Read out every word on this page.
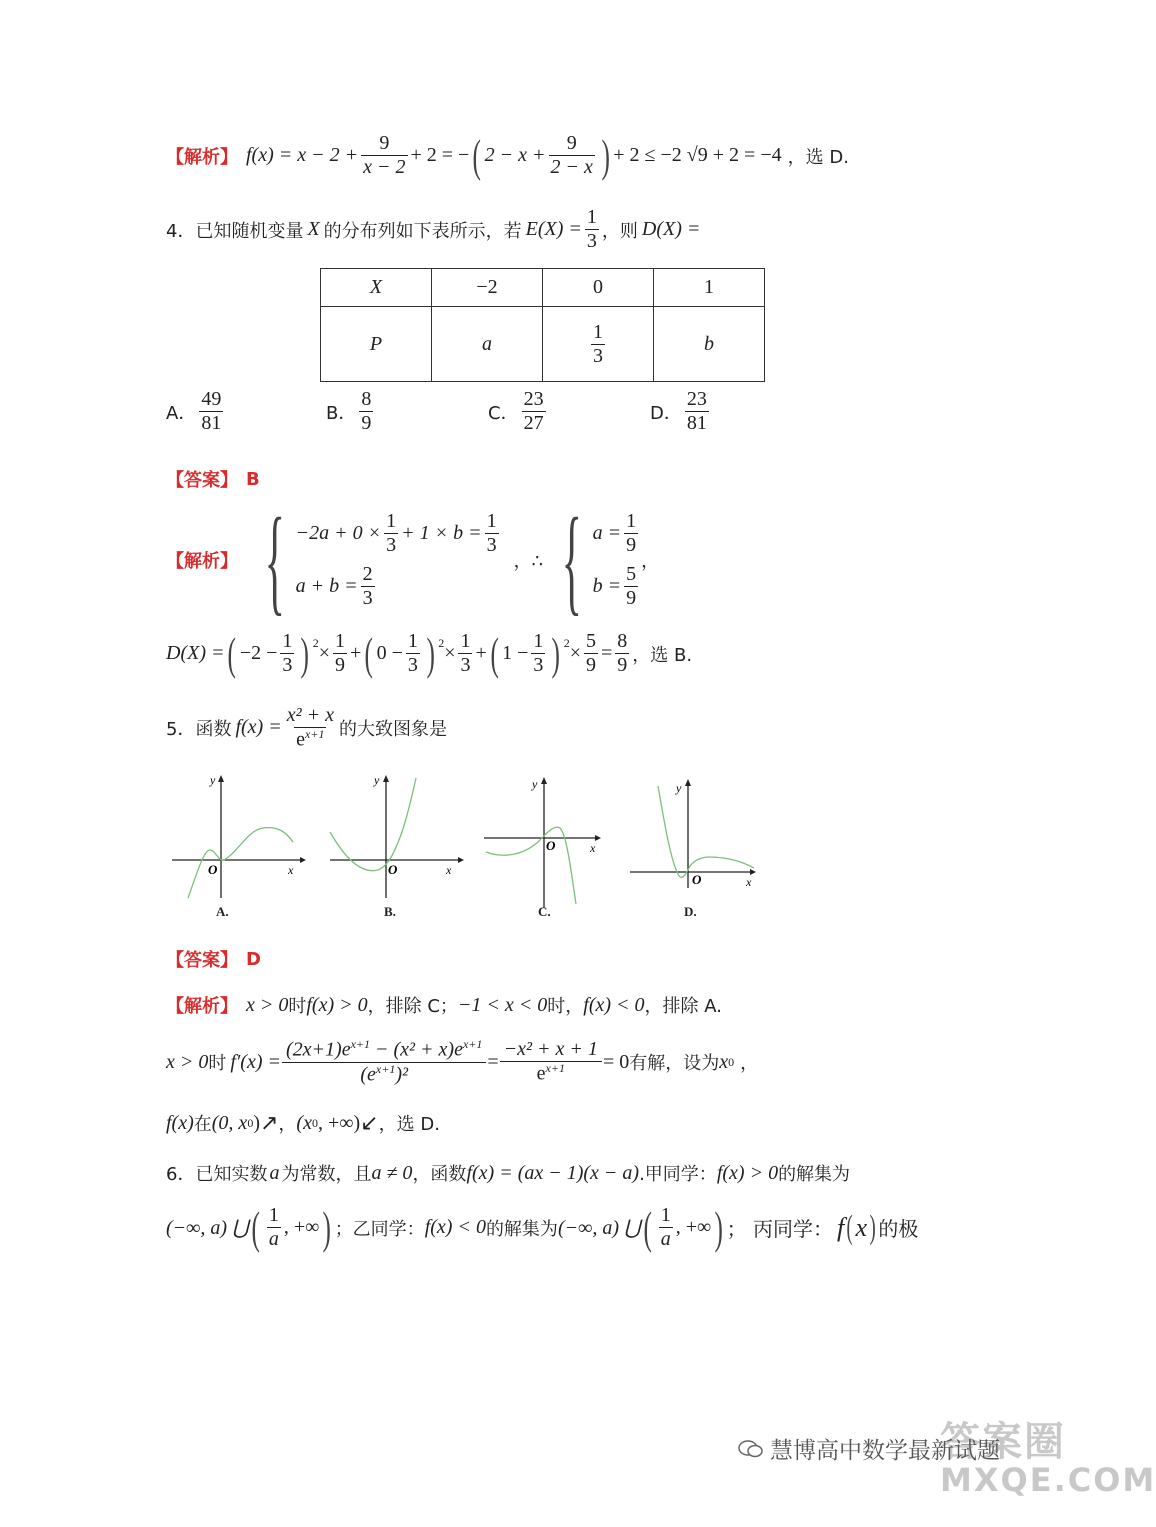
【解析】 $f(x) = x - 2 + \frac{9}{x - 2} + 2$ = − ( $2 - x + \frac{9}{2 - x}$ ) + 2 ≤ −2 √9 + 2 = −4 ，选 D.
4．已知随机变量 X 的分布列如下表所示，若 $E(X) = \frac{1}{3}$ ，则 D(X) =
X	−2	0	1
P	a	$\frac{1}{3}$	b
A． $\frac{49}{81}$	B． $\frac{8}{9}$	C． $\frac{23}{27}$	D． $\frac{23}{81}$
【答案】 B
【解析】 { $-2a + 0 \times \frac{1}{3} + 1 \times b = \frac{1}{3}$
$a + b = \frac{2}{3}$
，∴ { $a = \frac{1}{9}$
$b = \frac{5}{9}$
，
D(X) = ( $-2 - \frac{1}{3}$ ) $2 \times \frac{1}{9}$ + ( $0 - \frac{1}{3}$ ) $2 \times \frac{1}{3}$ + ( $1 - \frac{1}{3}$ ) $2 \times \frac{5}{9} = \frac{8}{9}$ ，选 B.
5．函数 $f(x) = \frac{\text{x² + x}}{e^{x+1}}$ 的大致图象是
y
x
O
y
x
O
y
x
O
y
x
O
A.	B.	C.	D.
【答案】 D
【解析】 x > 0 时 f(x) > 0 ，排除 C； −1 < x < 0 时， f(x) < 0 ，排除 A.
x > 0 时 $f'(x) = \frac{(2x+1)e^{x+1} - (x^2 + x)e^{x+1}}{(e^{x+1})^2} = \frac{\text{−x² + x + 1}}{e^{x+1}} = 0$ 有解，设为 x 0 ，
f(x) 在 (0, x 0 ) ↗ ， (x 0 , +∞) ↙ ，选 D.
6．已知实数 a 为常数，且 a ≠ 0 ，函数 f(x) = (ax − 1)(x − a) .甲同学： f(x) > 0 的解集为
(−∞, a) ⋃ ( $\frac{1}{a}$ , +∞ ) ；乙同学： f(x) < 0 的解集为 (−∞, a) ⋃ ( $\frac{1}{a}$ , +∞ ) ； 丙同学： f ( x ) 的极
答案圈
MXQE.COM
慧博高中数学最新试题
